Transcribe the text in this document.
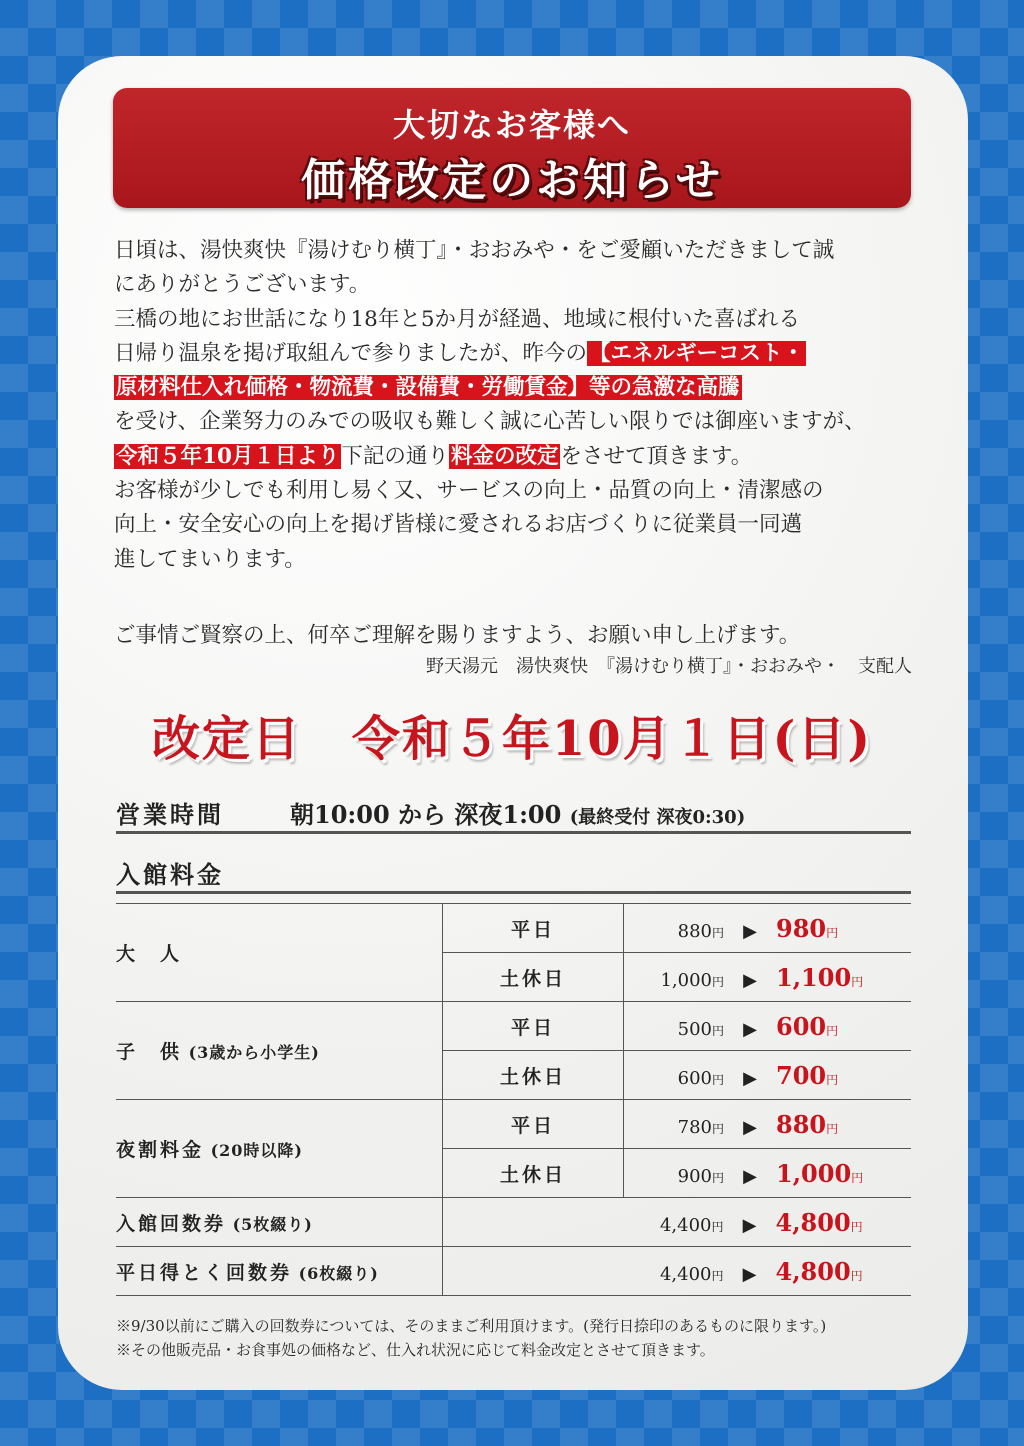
大切なお客様へ
価格改定のお知らせ
日頃は、湯快爽快『湯けむり横丁』・おおみや・をご愛顧いただきまして誠
にありがとうございます。
三橋の地にお世話になり18年と5か月が経過、地域に根付いた喜ばれる
日帰り温泉を掲げ取組んで参りましたが、昨今の【エネルギーコスト・
原材料仕入れ価格・物流費・設備費・労働賃金】等の急激な高騰
を受け、企業努力のみでの吸収も難しく誠に心苦しい限りでは御座いますが、
令和５年10月１日より下記の通り料金の改定をさせて頂きます。
お客様が少しでも利用し易く又、サービスの向上・品質の向上・清潔感の
向上・安全安心の向上を掲げ皆様に愛されるお店づくりに従業員一同邁
進してまいります。
ご事情ご賢察の上、何卒ご理解を賜りますよう、お願い申し上げます。
野天湯元　湯快爽快　『湯けむり横丁』・おおみや・　支配人
改定日　令和５年10月１日(日)
営業時間	朝10:00 から 深夜1:00 (最終受付 深夜0:30)
入館料金
大　人	平日	880円 ▶ 980円
	土休日	1,000円 ▶ 1,100円
子　供 (3歳から小学生)	平日	500円 ▶ 600円
	土休日	600円 ▶ 700円
夜割料金 (20時以降)	平日	780円 ▶ 880円
	土休日	900円 ▶ 1,000円
入館回数券 (5枚綴り)		4,400円 ▶ 4,800円
平日得とく回数券 (6枚綴り)		4,400円 ▶ 4,800円
※9/30以前にご購入の回数券については、そのままご利用頂けます。(発行日捺印のあるものに限ります。)
※その他販売品・お食事処の価格など、仕入れ状況に応じて料金改定とさせて頂きます。
